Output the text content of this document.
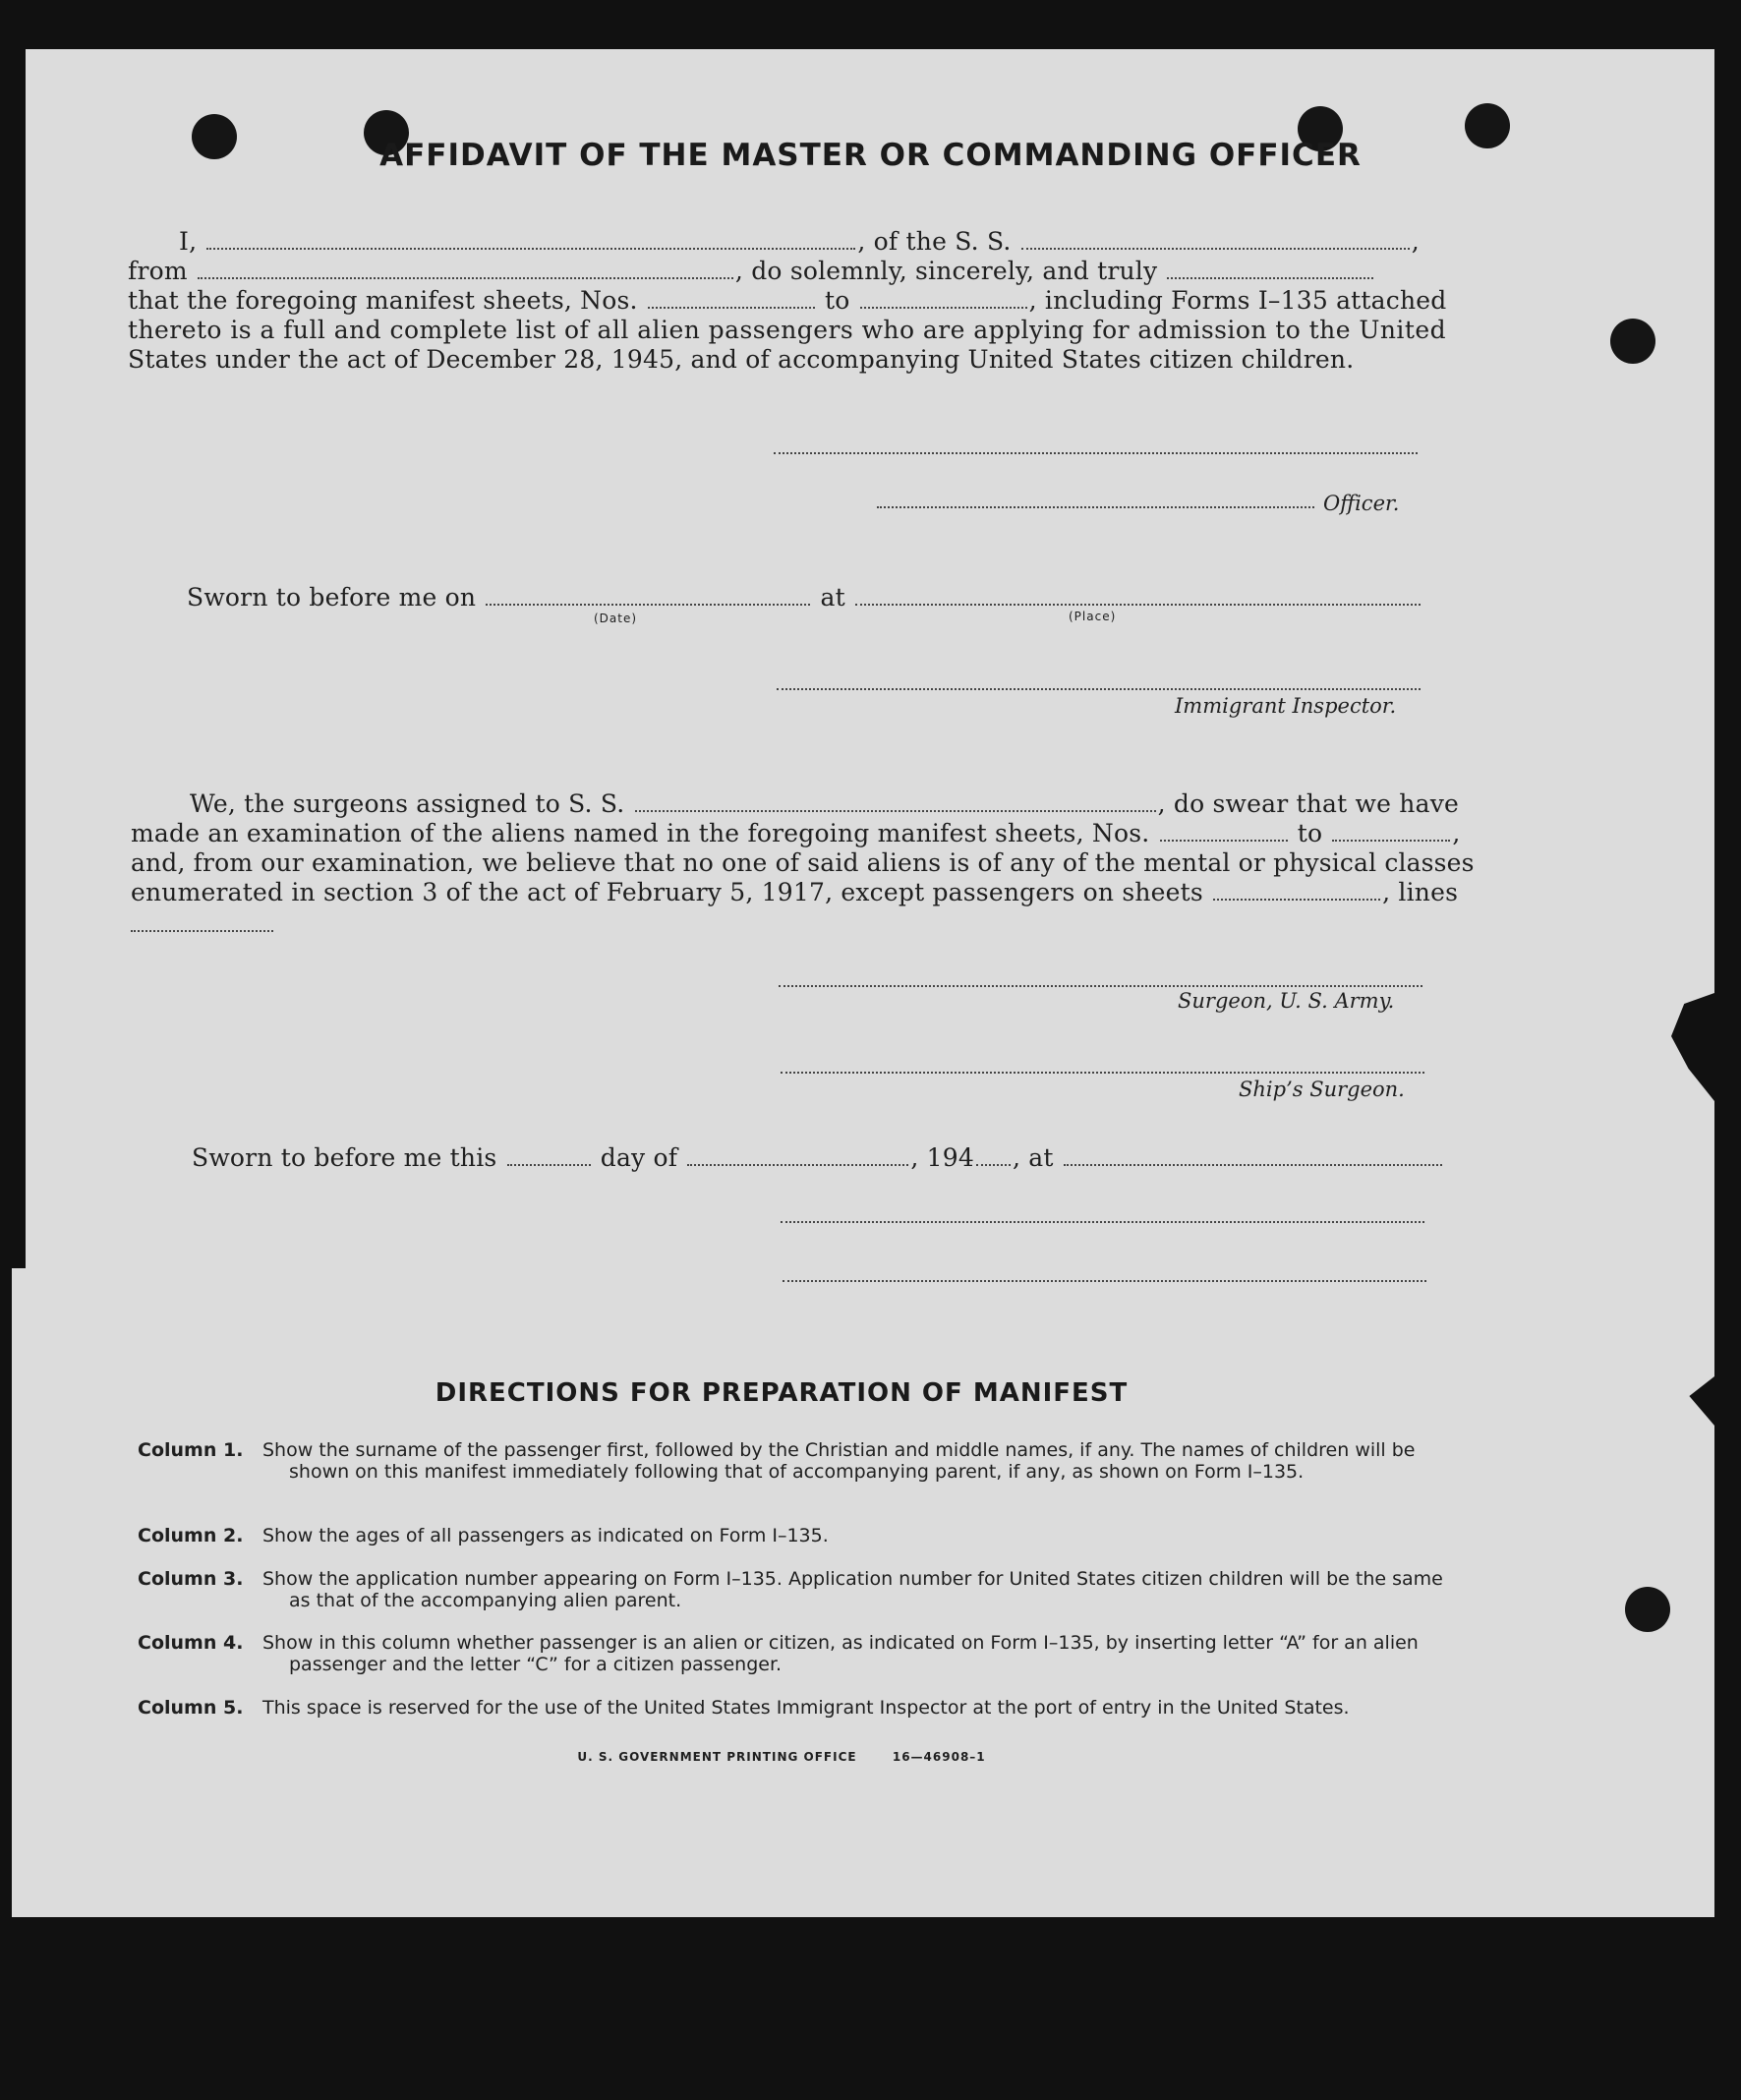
AFFIDAVIT OF THE MASTER OR COMMANDING OFFICER
I,	, of the S. S.	,
from	, do solemnly, sincerely, and truly
that the foregoing manifest sheets, Nos.	to	, including Forms I–135 attached
thereto is a full and complete list of all alien passengers who are applying for admission to the United
States under the act of December 28, 1945, and of accompanying United States citizen children.
Officer.
Sworn to before me on	at
(Date)	(Place)
Immigrant Inspector.
We, the surgeons assigned to S. S.	, do swear that we have
made an examination of the aliens named in the foregoing manifest sheets, Nos.	to	,
and, from our examination, we believe that no one of said aliens is of any of the mental or physical classes
enumerated in section 3 of the act of February 5, 1917, except passengers on sheets	, lines
Surgeon, U. S. Army.
Ship’s Surgeon.
Sworn to before me this	day of	, 194 , at
DIRECTIONS FOR PREPARATION OF MANIFEST
Column 1. Show the surname of the passenger first, followed by the Christian and middle names, if any. The names of children will be shown on this manifest immediately following that of accompanying parent, if any, as shown on Form I–135.
Column 2. Show the ages of all passengers as indicated on Form I–135.
Column 3. Show the application number appearing on Form I–135. Application number for United States citizen children will be the same as that of the accompanying alien parent.
Column 4. Show in this column whether passenger is an alien or citizen, as indicated on Form I–135, by inserting letter “A” for an alien passenger and the letter “C” for a citizen passenger.
Column 5. This space is reserved for the use of the United States Immigrant Inspector at the port of entry in the United States.
U. S. GOVERNMENT PRINTING OFFICE	16—46908–1
